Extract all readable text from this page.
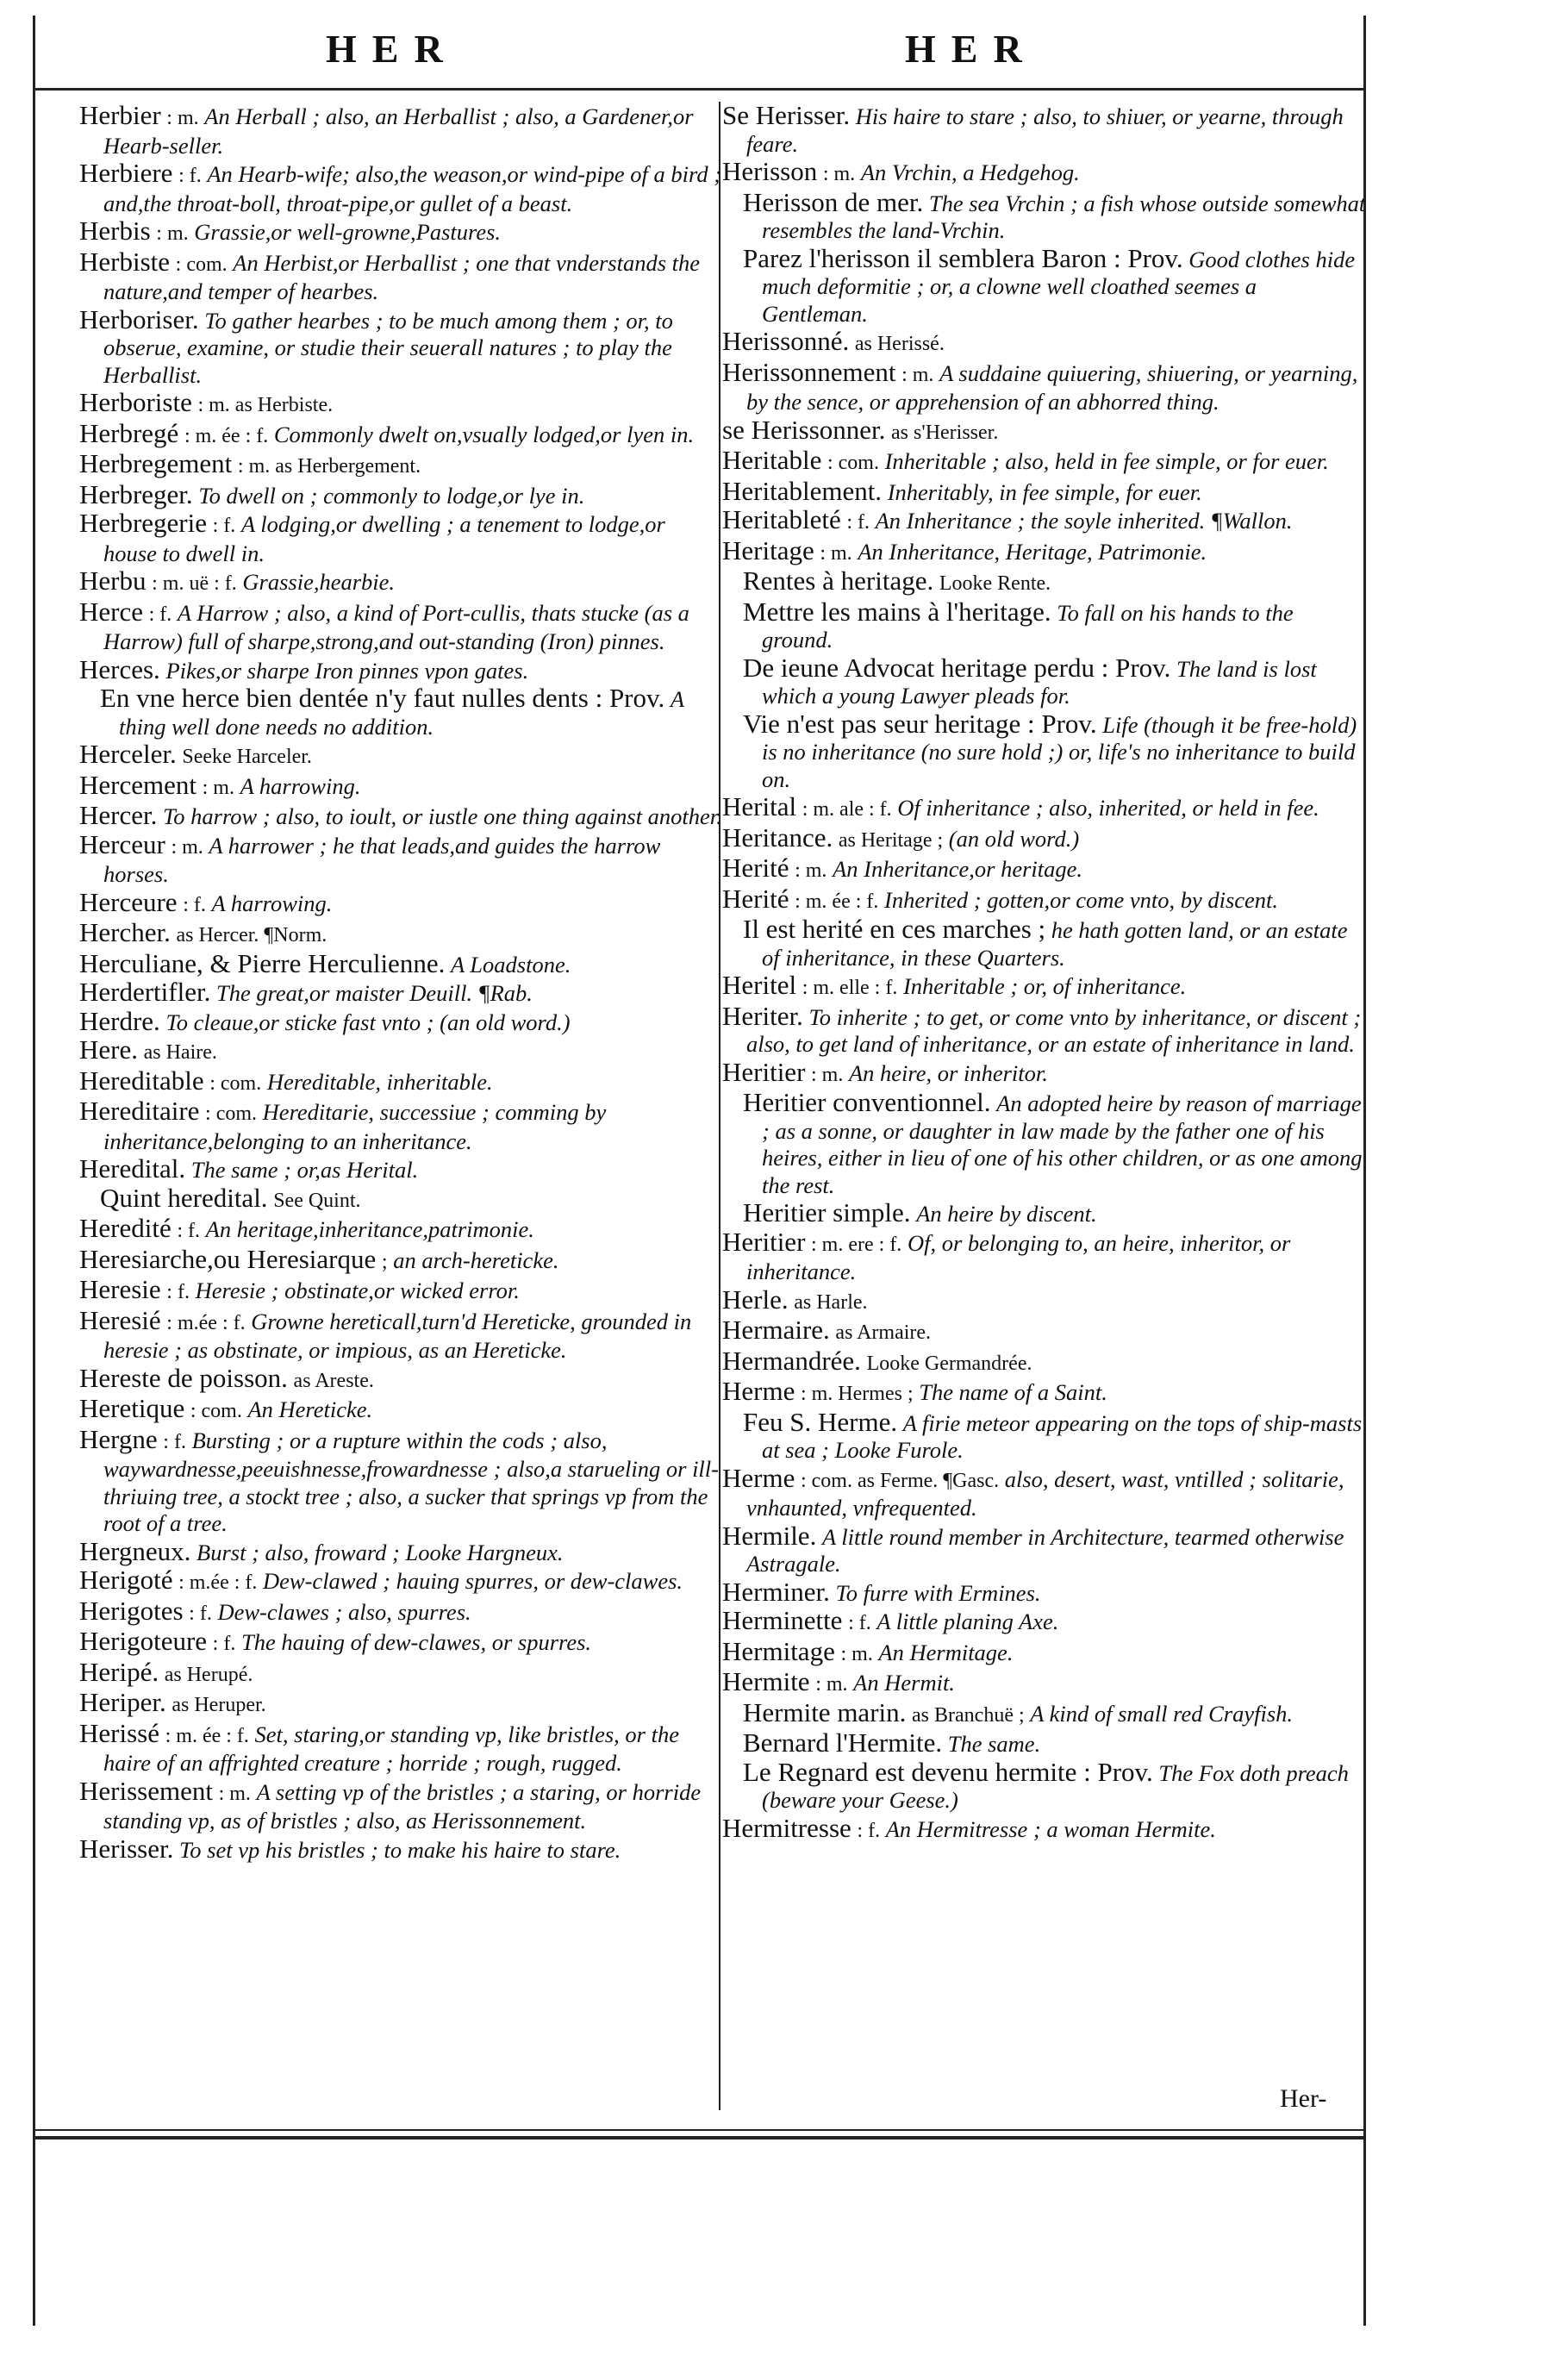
HER	HER

Herbier : m. An Herball ; also, an Herballist ; also, a Gardener,or Hearb-seller.

Herbiere : f. An Hearb-wife; also,the weason,or wind-pipe of a bird ; and,the throat-boll, throat-pipe,or gullet of a beast.

Herbis : m. Grassie,or well-growne,Pastures.

Herbiste : com. An Herbist,or Herballist ; one that vnderstands the nature,and temper of hearbes.

Herboriser. To gather hearbes ; to be much among them ; or, to obserue, examine, or studie their seuerall natures ; to play the Herballist.

Herboriste : m. as Herbiste.

Herbregé : m. ée : f. Commonly dwelt on,vsually lodged,or lyen in.

Herbregement : m. as Herbergement.

Herbreger. To dwell on ; commonly to lodge,or lye in.

Herbregerie : f. A lodging,or dwelling ; a tenement to lodge,or house to dwell in.

Herbu : m. uë : f. Grassie,hearbie.

Herce : f. A Harrow ; also, a kind of Port-cullis, thats stucke (as a Harrow) full of sharpe,strong,and out-standing (Iron) pinnes.

Herces. Pikes,or sharpe Iron pinnes vpon gates.

En vne herce bien dentée n'y faut nulles dents : Prov. A thing well done needs no addition.

Herceler. Seeke Harceler.

Hercement : m. A harrowing.

Hercer. To harrow ; also, to ioult, or iustle one thing against another.

Herceur : m. A harrower ; he that leads,and guides the harrow horses.

Herceure : f. A harrowing.

Hercher. as Hercer. ¶Norm.

Herculiane, & Pierre Herculienne. A Loadstone.

Herdertifler. The great,or maister Deuill. ¶Rab.

Herdre. To cleaue,or sticke fast vnto ; (an old word.)

Here. as Haire.

Hereditable : com. Hereditable, inheritable.

Hereditaire : com. Hereditarie, successiue ; comming by inheritance,belonging to an inheritance.

Heredital. The same ; or,as Herital.

Quint heredital. See Quint.

Heredité : f. An heritage,inheritance,patrimonie.

Heresiarche,ou Heresiarque ; an arch-hereticke.

Heresie : f. Heresie ; obstinate,or wicked error.

Heresié : m.ée : f. Growne hereticall,turn'd Hereticke, grounded in heresie ; as obstinate, or impious, as an Hereticke.

Hereste de poisson. as Areste.

Heretique : com. An Hereticke.

Hergne : f. Bursting ; or a rupture within the cods ; also, waywardnesse,peeuishnesse,frowardnesse ; also,a starueling or ill-thriuing tree, a stockt tree ; also, a sucker that springs vp from the root of a tree.

Hergneux. Burst ; also, froward ; Looke Hargneux.

Herigoté : m.ée : f. Dew-clawed ; hauing spurres, or dew-clawes.

Herigotes : f. Dew-clawes ; also, spurres.

Herigoteure : f. The hauing of dew-clawes, or spurres.

Heripé. as Herupé.

Heriper. as Heruper.

Herissé : m. ée : f. Set, staring,or standing vp, like bristles, or the haire of an affrighted creature ; horride ; rough, rugged.

Herissement : m. A setting vp of the bristles ; a staring, or horride standing vp, as of bristles ; also, as Herissonnement.

Herisser. To set vp his bristles ; to make his haire to stare.

Se Herisser. His haire to stare ; also, to shiuer, or yearne, through feare.

Herisson : m. An Vrchin, a Hedgehog.

Herisson de mer. The sea Vrchin ; a fish whose outside somewhat resembles the land-Vrchin.

Parez l'herisson il semblera Baron : Prov. Good clothes hide much deformitie ; or, a clowne well cloathed seemes a Gentleman.

Herissonné. as Herissé.

Herissonnement : m. A suddaine quiuering, shiuering, or yearning, by the sence, or apprehension of an abhorred thing.

se Herissonner. as s'Herisser.

Heritable : com. Inheritable ; also, held in fee simple, or for euer.

Heritablement. Inheritably, in fee simple, for euer.

Heritableté : f. An Inheritance ; the soyle inherited. ¶Wallon.

Heritage : m. An Inheritance, Heritage, Patrimonie.

Rentes à heritage. Looke Rente.

Mettre les mains à l'heritage. To fall on his hands to the ground.

De ieune Advocat heritage perdu : Prov. The land is lost which a young Lawyer pleads for.

Vie n'est pas seur heritage : Prov. Life (though it be free-hold) is no inheritance (no sure hold ;) or, life's no inheritance to build on.

Herital : m. ale : f. Of inheritance ; also, inherited, or held in fee.

Heritance. as Heritage ; (an old word.)

Herité : m. An Inheritance,or heritage.

Herité : m. ée : f. Inherited ; gotten,or come vnto, by discent.

Il est herité en ces marches ; he hath gotten land, or an estate of inheritance, in these Quarters.

Heritel : m. elle : f. Inheritable ; or, of inheritance.

Heriter. To inherite ; to get, or come vnto by inheritance, or discent ; also, to get land of inheritance, or an estate of inheritance in land.

Heritier : m. An heire, or inheritor.

Heritier conventionnel. An adopted heire by reason of marriage ; as a sonne, or daughter in law made by the father one of his heires, either in lieu of one of his other children, or as one among the rest.

Heritier simple. An heire by discent.

Heritier : m. ere : f. Of, or belonging to, an heire, inheritor, or inheritance.

Herle. as Harle.

Hermaire. as Armaire.

Hermandrée. Looke Germandrée.

Herme : m. Hermes ; The name of a Saint.

Feu S. Herme. A firie meteor appearing on the tops of ship-masts at sea ; Looke Furole.

Herme : com. as Ferme. ¶Gasc. also, desert, wast, vntilled ; solitarie, vnhaunted, vnfrequented.

Hermile. A little round member in Architecture, tearmed otherwise Astragale.

Herminer. To furre with Ermines.

Herminette : f. A little planing Axe.

Hermitage : m. An Hermitage.

Hermite : m. An Hermit.

Hermite marin. as Branchuë ; A kind of small red Crayfish.

Bernard l'Hermite. The same.

Le Regnard est devenu hermite : Prov. The Fox doth preach (beware your Geese.)

Hermitresse : f. An Hermitresse ; a woman Hermite.

Her-
